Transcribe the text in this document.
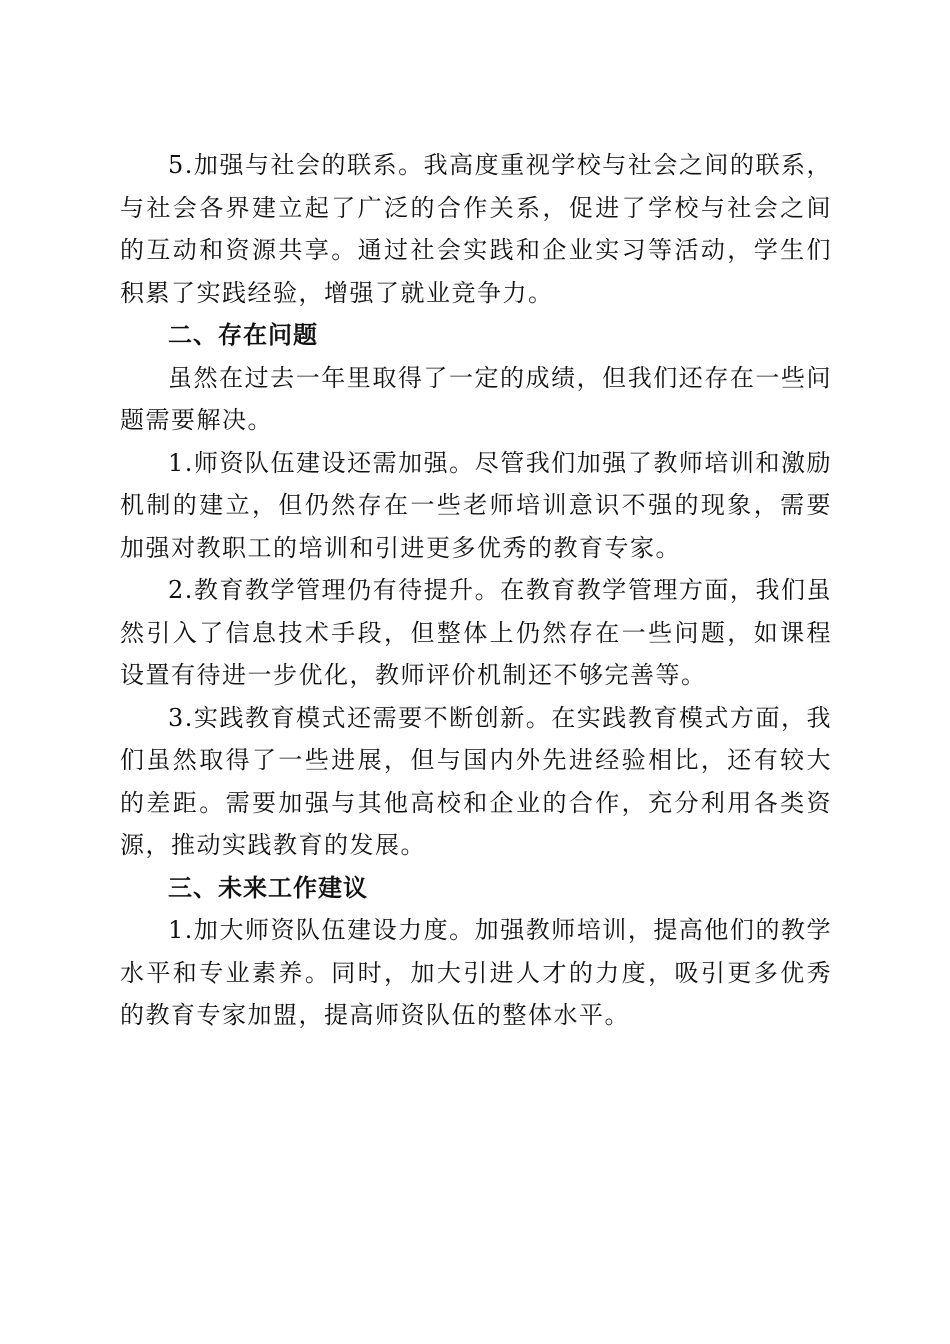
5.加强与社会的联系。我高度重视学校与社会之间的联系，与社会各界建立起了广泛的合作关系，促进了学校与社会之间的互动和资源共享。通过社会实践和企业实习等活动，学生们积累了实践经验，增强了就业竞争力。

二、存在问题

虽然在过去一年里取得了一定的成绩，但我们还存在一些问题需要解决。

1.师资队伍建设还需加强。尽管我们加强了教师培训和激励机制的建立，但仍然存在一些老师培训意识不强的现象，需要加强对教职工的培训和引进更多优秀的教育专家。

2.教育教学管理仍有待提升。在教育教学管理方面，我们虽然引入了信息技术手段，但整体上仍然存在一些问题，如课程设置有待进一步优化，教师评价机制还不够完善等。

3.实践教育模式还需要不断创新。在实践教育模式方面，我们虽然取得了一些进展，但与国内外先进经验相比，还有较大的差距。需要加强与其他高校和企业的合作，充分利用各类资源，推动实践教育的发展。

三、未来工作建议

1.加大师资队伍建设力度。加强教师培训，提高他们的教学水平和专业素养。同时，加大引进人才的力度，吸引更多优秀的教育专家加盟，提高师资队伍的整体水平。
